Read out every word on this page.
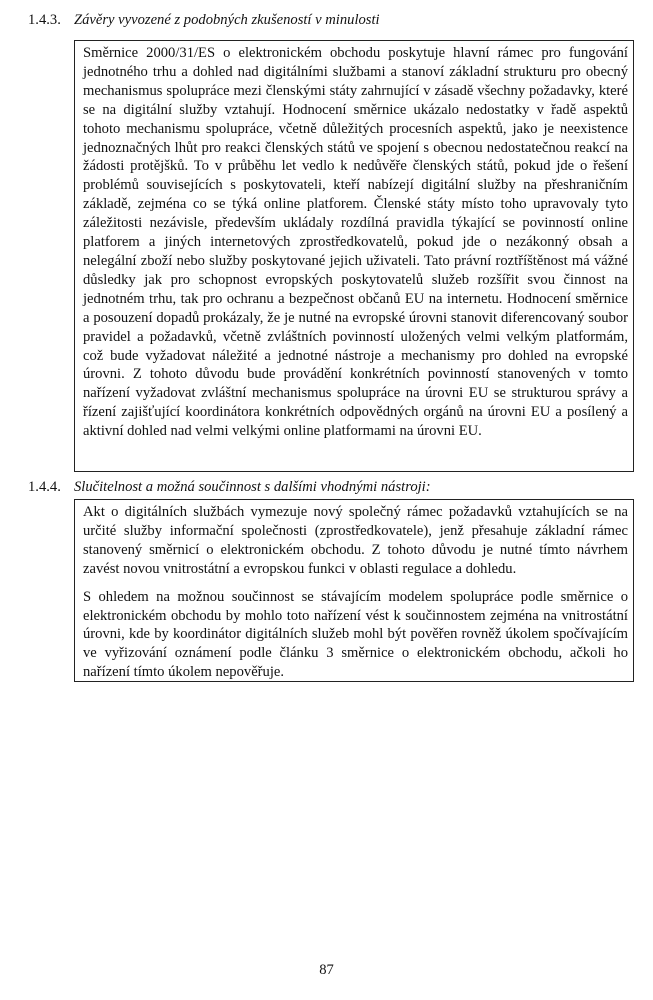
1.4.3. Závěry vyvozené z podobných zkušeností v minulosti

Směrnice 2000/31/ES o elektronickém obchodu poskytuje hlavní rámec pro fungování jednotného trhu a dohled nad digitálními službami a stanoví základní strukturu pro obecný mechanismus spolupráce mezi členskými státy zahrnující v zásadě všechny požadavky, které se na digitální služby vztahují. Hodnocení směrnice ukázalo nedostatky v řadě aspektů tohoto mechanismu spolupráce, včetně důležitých procesních aspektů, jako je neexistence jednoznačných lhůt pro reakci členských států ve spojení s obecnou nedostatečnou reakcí na žádosti protějšků. To v průběhu let vedlo k nedůvěře členských států, pokud jde o řešení problémů souvisejících s poskytovateli, kteří nabízejí digitální služby na přeshraničním základě, zejména co se týká online platforem. Členské státy místo toho upravovaly tyto záležitosti nezávisle, především ukládaly rozdílná pravidla týkající se povinností online platforem a jiných internetových zprostředkovatelů, pokud jde o nezákonný obsah a nelegální zboží nebo služby poskytované jejich uživateli. Tato právní roztříštěnost má vážné důsledky jak pro schopnost evropských poskytovatelů služeb rozšířit svou činnost na jednotném trhu, tak pro ochranu a bezpečnost občanů EU na internetu. Hodnocení směrnice a posouzení dopadů prokázaly, že je nutné na evropské úrovni stanovit diferencovaný soubor pravidel a požadavků, včetně zvláštních povinností uložených velmi velkým platformám, což bude vyžadovat náležité a jednotné nástroje a mechanismy pro dohled na evropské úrovni. Z tohoto důvodu bude provádění konkrétních povinností stanovených v tomto nařízení vyžadovat zvláštní mechanismus spolupráce na úrovni EU se strukturou správy a řízení zajišťující koordinátora konkrétních odpovědných orgánů na úrovni EU a posílený a aktivní dohled nad velmi velkými online platformami na úrovni EU.

1.4.4. Slučitelnost a možná součinnost s dalšími vhodnými nástroji:

Akt o digitálních službách vymezuje nový společný rámec požadavků vztahujících se na určité služby informační společnosti (zprostředkovatele), jenž přesahuje základní rámec stanovený směrnicí o elektronickém obchodu. Z tohoto důvodu je nutné tímto návrhem zavést novou vnitrostátní a evropskou funkci v oblasti regulace a dohledu.

S ohledem na možnou součinnost se stávajícím modelem spolupráce podle směrnice o elektronickém obchodu by mohlo toto nařízení vést k součinnostem zejména na vnitrostátní úrovni, kde by koordinátor digitálních služeb mohl být pověřen rovněž úkolem spočívajícím ve vyřizování oznámení podle článku 3 směrnice o elektronickém obchodu, ačkoli ho nařízení tímto úkolem nepověřuje.

87
